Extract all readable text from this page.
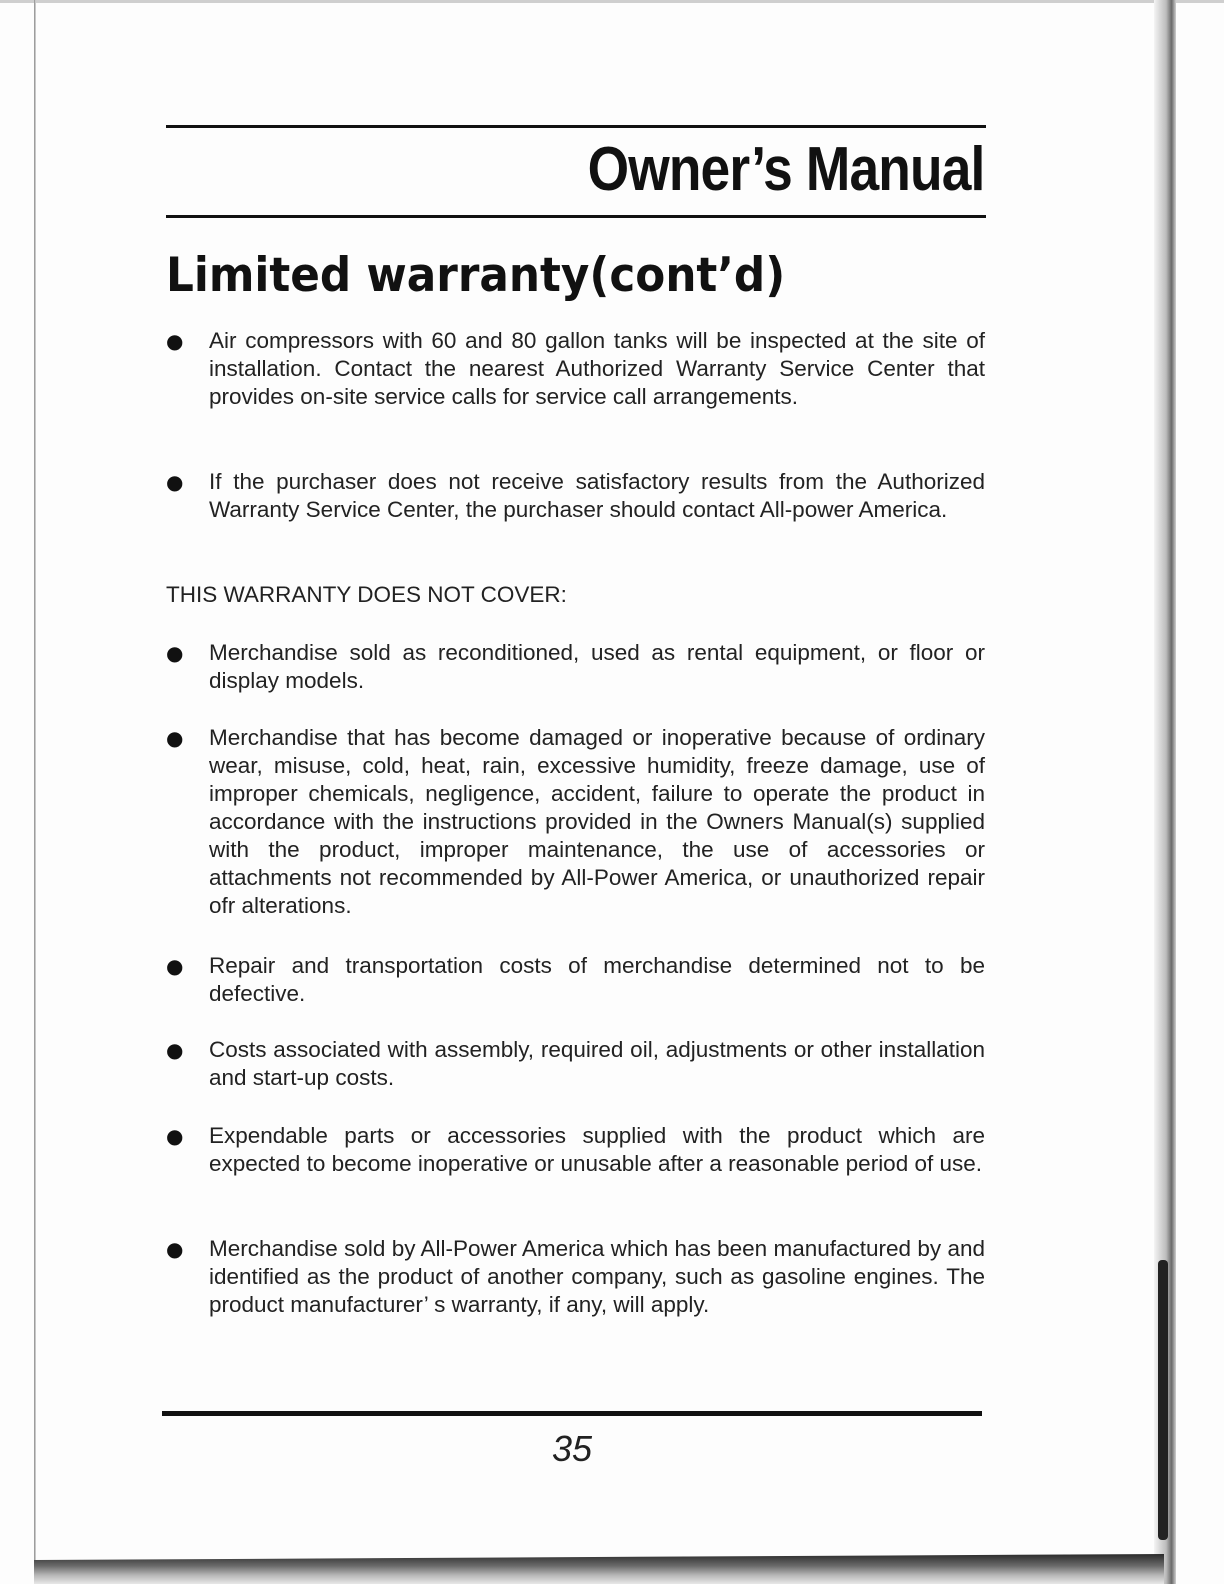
Owner’s Manual
Limited warranty(cont’d)
● Air compressors with 60 and 80 gallon tanks will be inspected at the site of installation. Contact the nearest Authorized Warranty Service Center that provides on-site service calls for service call arrangements.
● If the purchaser does not receive satisfactory results from the Authorized Warranty Service Center, the purchaser should contact All-power America.
THIS WARRANTY DOES NOT COVER:
● Merchandise sold as reconditioned, used as rental equipment, or floor or display models.
● Merchandise that has become damaged or inoperative because of ordinary wear, misuse, cold, heat, rain, excessive humidity, freeze damage, use of improper chemicals, negligence, accident, failure to operate the product in accordance with the instructions provided in the Owners Manual(s) supplied with the product, improper maintenance, the use of accessories or attachments not recommended by All-Power America, or unauthorized repair ofr alterations.
● Repair and transportation costs of merchandise determined not to be defective.
● Costs associated with assembly, required oil, adjustments or other installation and start-up costs.
● Expendable parts or accessories supplied with the product which are expected to become inoperative or unusable after a reasonable period of use.
● Merchandise sold by All-Power America which has been manufactured by and identified as the product of another company, such as gasoline engines. The product manufacturer’ s warranty, if any, will apply.
35
